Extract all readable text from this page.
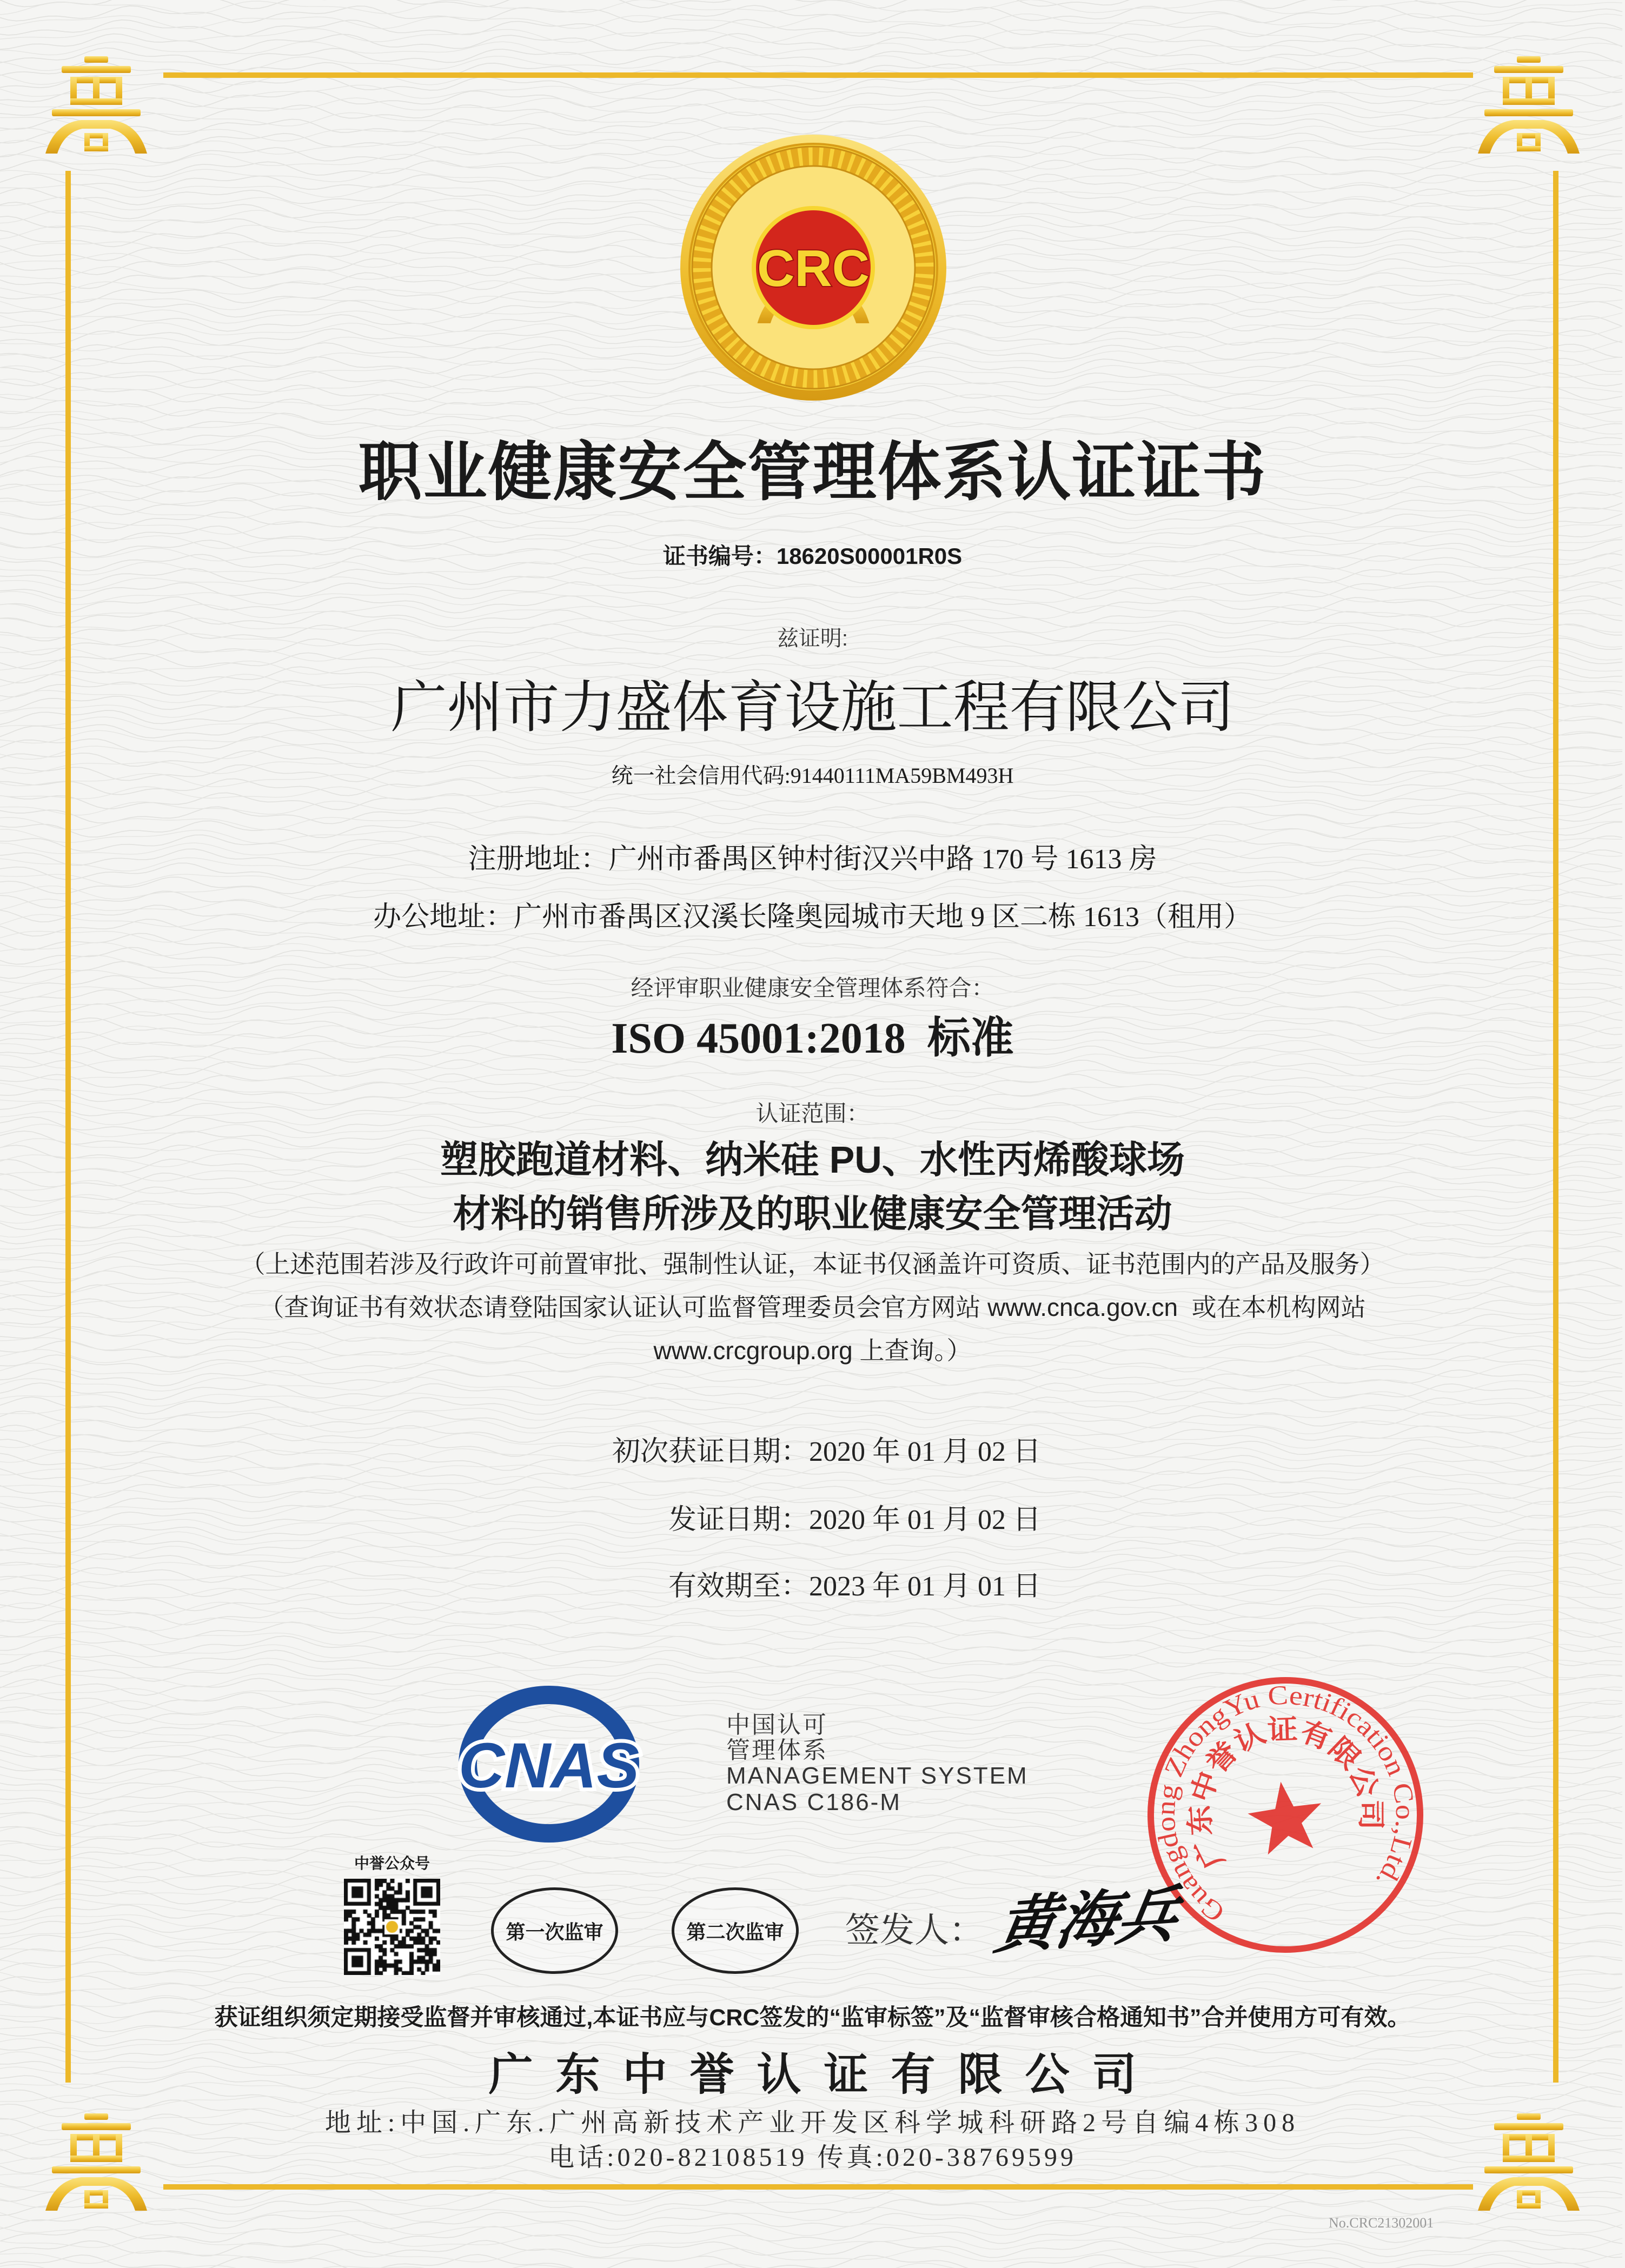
CRC
职业健康安全管理体系认证证书
证书编号：18620S00001R0S
兹证明:
广州市力盛体育设施工程有限公司
统一社会信用代码:91440111MA59BM493H
注册地址：广州市番禺区钟村街汉兴中路 170 号 1613 房
办公地址：广州市番禺区汉溪长隆奥园城市天地 9 区二栋 1613（租用）
经评审职业健康安全管理体系符合：
ISO 45001:2018  标准
认证范围：
塑胶跑道材料、纳米硅 PU、水性丙烯酸球场
材料的销售所涉及的职业健康安全管理活动
（上述范围若涉及行政许可前置审批、强制性认证，本证书仅涵盖许可资质、证书范围内的产品及服务）
（查询证书有效状态请登陆国家认证认可监督管理委员会官方网站 www.cnca.gov.cn  或在本机构网站
www.crcgroup.org 上查询。）
初次获证日期：2020 年 01 月 02 日
发证日期：2020 年 01 月 02 日
有效期至：2023 年 01 月 01 日
CNAS
中国认可
管理体系
MANAGEMENT SYSTEM
CNAS C186-M
Guangdong ZhongYu Certification Co.,Ltd.
广东中誉认证有限公司
中誉公众号
第一次监审	第二次监审	签发人： 黄海兵
获证组织须定期接受监督并审核通过,本证书应与CRC签发的“监审标签”及“监督审核合格通知书”合并使用方可有效。
广东中誉认证有限公司
地址:中国.广东.广州高新技术产业开发区科学城科研路2号自编4栋308
电话:020-82108519 传真:020-38769599
No.CRC21302001
